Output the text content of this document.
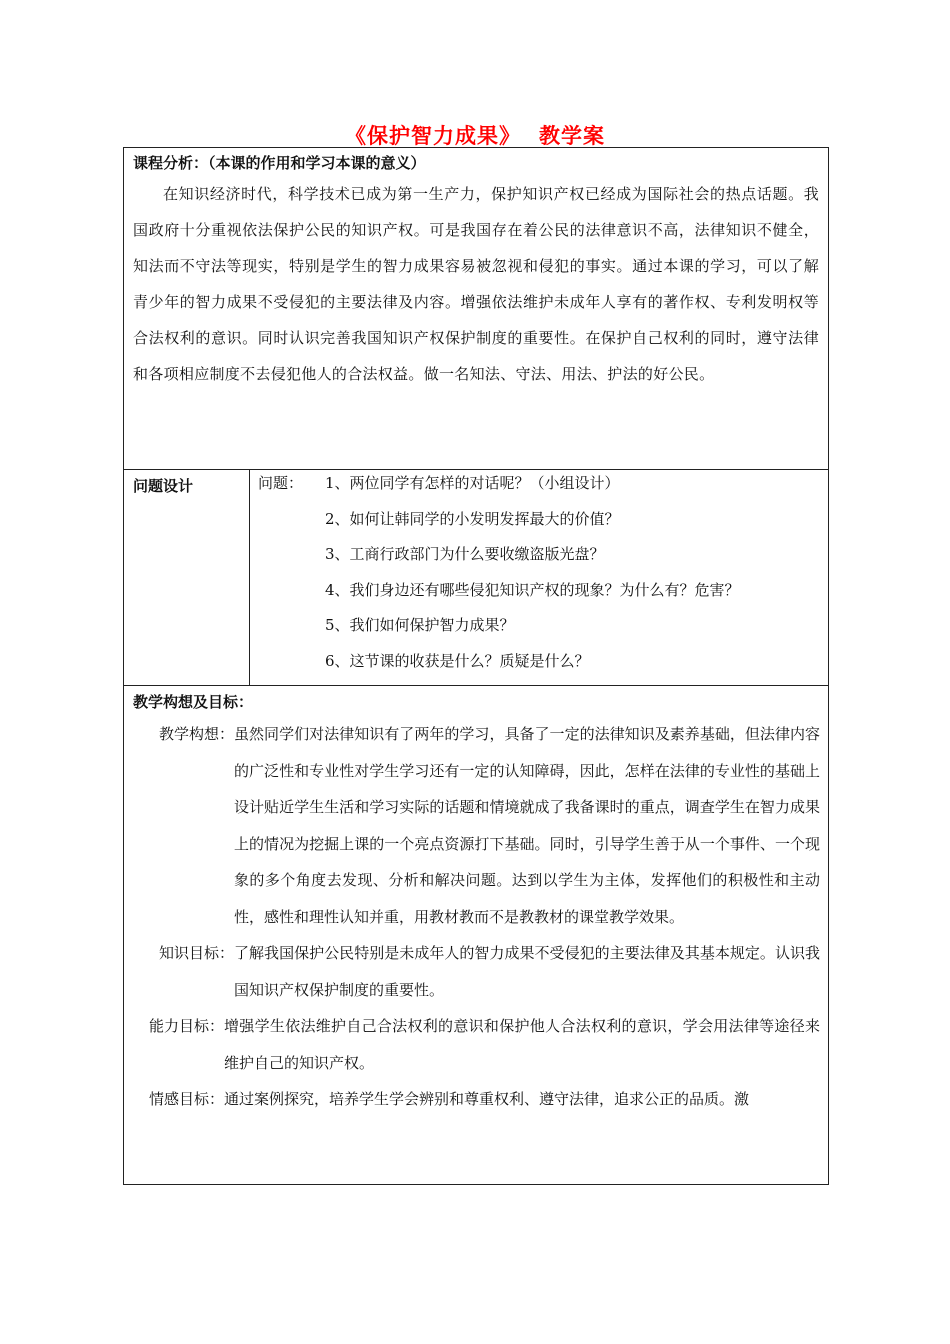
《保护智力成果》 教学案
课程分析：（本课的作用和学习本课的意义）
在知识经济时代，科学技术已成为第一生产力，保护知识产权已经成为国际社会的热点话题。我国政府十分重视依法保护公民的知识产权。可是我国存在着公民的法律意识不高，法律知识不健全，知法而不守法等现实，特别是学生的智力成果容易被忽视和侵犯的事实。通过本课的学习，可以了解青少年的智力成果不受侵犯的主要法律及内容。增强依法维护未成年人享有的著作权、专利发明权等合法权利的意识。同时认识完善我国知识产权保护制度的重要性。在保护自己权利的同时，遵守法律和各项相应制度不去侵犯他人的合法权益。做一名知法、守法、用法、护法的好公民。

问题设计	问题：	1、两位同学有怎样的对话呢？（小组设计）
2、如何让韩同学的小发明发挥最大的价值？
3、工商行政部门为什么要收缴盗版光盘？
4、我们身边还有哪些侵犯知识产权的现象？为什么有？危害？
5、我们如何保护智力成果？
6、这节课的收获是什么？质疑是什么？

教学构想及目标：
教学构想： 虽然同学们对法律知识有了两年的学习，具备了一定的法律知识及素养基础，但法律内容的广泛性和专业性对学生学习还有一定的认知障碍，因此，怎样在法律的专业性的基础上设计贴近学生生活和学习实际的话题和情境就成了我备课时的重点，调查学生在智力成果上的情况为挖掘上课的一个亮点资源打下基础。同时，引导学生善于从一个事件、一个现象的多个角度去发现、分析和解决问题。达到以学生为主体，发挥他们的积极性和主动性，感性和理性认知并重，用教材教而不是教教材的课堂教学效果。
知识目标： 了解我国保护公民特别是未成年人的智力成果不受侵犯的主要法律及其基本规定。认识我国知识产权保护制度的重要性。
能力目标： 增强学生依法维护自己合法权利的意识和保护他人合法权利的意识，学会用法律等途径来维护自己的知识产权。
情感目标： 通过案例探究，培养学生学会辨别和尊重权利、遵守法律，追求公正的品质。激
